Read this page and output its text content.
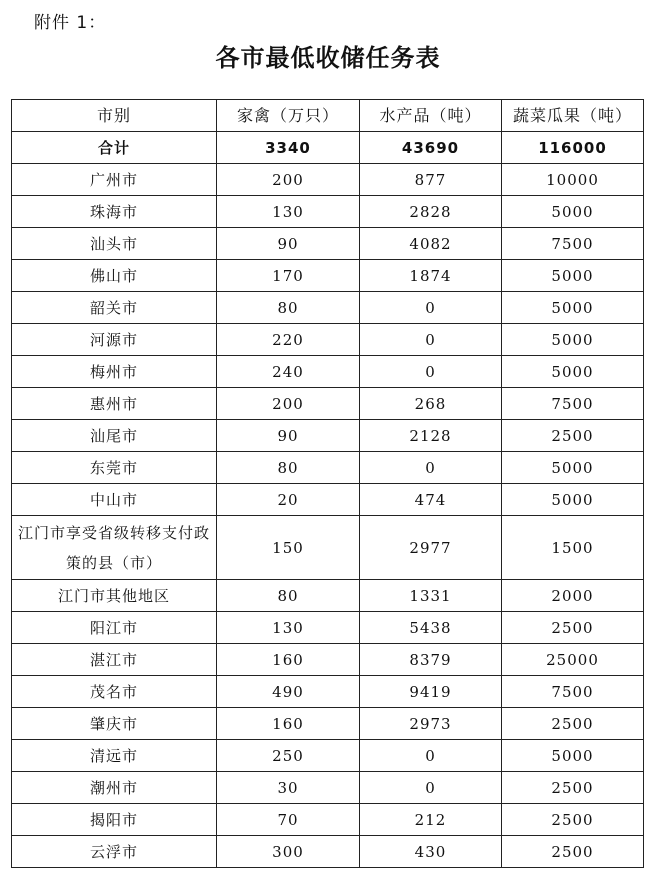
附件 1：
各市最低收储任务表
市别	家禽（万只）	水产品（吨）	蔬菜瓜果（吨）
合计	3340	43690	116000
广州市	200	877	10000
珠海市	130	2828	5000
汕头市	90	4082	7500
佛山市	170	1874	5000
韶关市	80	0	5000
河源市	220	0	5000
梅州市	240	0	5000
惠州市	200	268	7500
汕尾市	90	2128	2500
东莞市	80	0	5000
中山市	20	474	5000
江门市享受省级转移支付政策的县（市）	150	2977	1500
江门市其他地区	80	1331	2000
阳江市	130	5438	2500
湛江市	160	8379	25000
茂名市	490	9419	7500
肇庆市	160	2973	2500
清远市	250	0	5000
潮州市	30	0	2500
揭阳市	70	212	2500
云浮市	300	430	2500
